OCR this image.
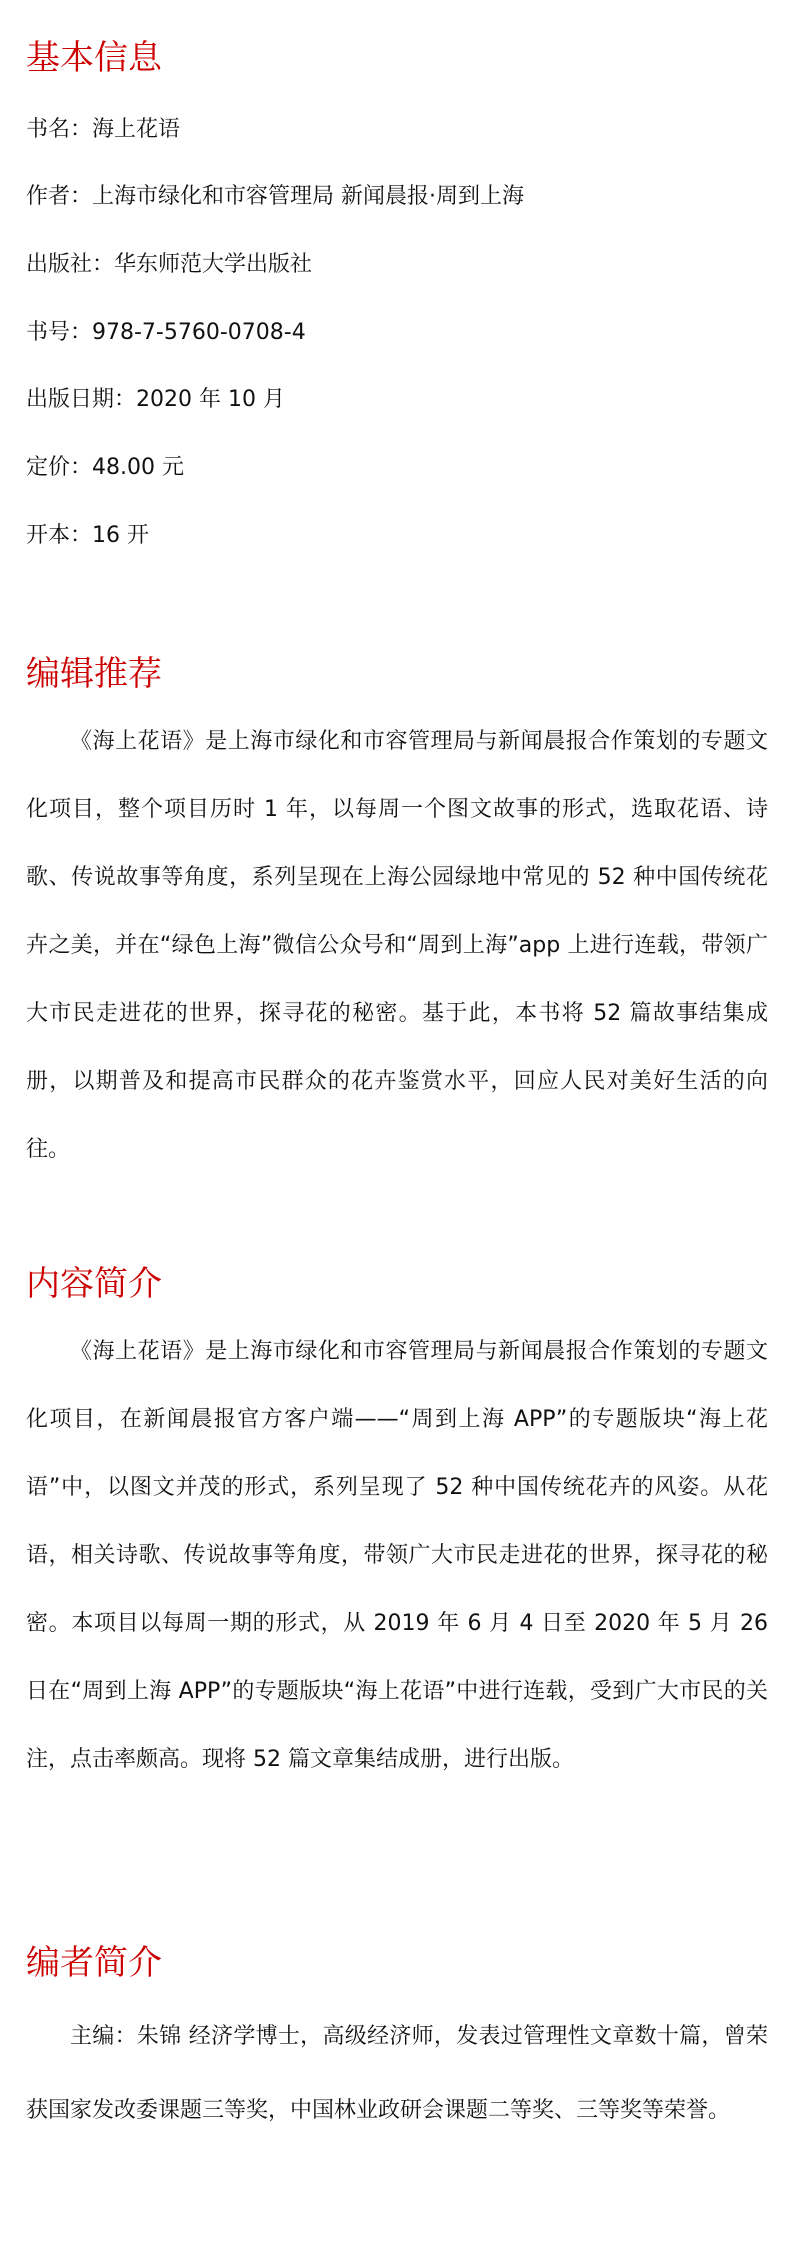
基本信息

书名：海上花语

作者：上海市绿化和市容管理局 新闻晨报·周到上海

出版社：华东师范大学出版社

书号：978-7-5760-0708-4

出版日期：2020 年 10 月

定价：48.00 元

开本：16 开

编辑推荐

《海上花语》是上海市绿化和市容管理局与新闻晨报合作策划的专题文化项目，整个项目历时 1 年，以每周一个图文故事的形式，选取花语、诗歌、传说故事等角度，系列呈现在上海公园绿地中常见的 52 种中国传统花卉之美，并在“绿色上海”微信公众号和“周到上海”app 上进行连载，带领广大市民走进花的世界，探寻花的秘密。基于此，本书将 52 篇故事结集成册，以期普及和提高市民群众的花卉鉴赏水平，回应人民对美好生活的向往。

内容简介

《海上花语》是上海市绿化和市容管理局与新闻晨报合作策划的专题文化项目，在新闻晨报官方客户端——“周到上海 APP”的专题版块“海上花语”中，以图文并茂的形式，系列呈现了 52 种中国传统花卉的风姿。从花语，相关诗歌、传说故事等角度，带领广大市民走进花的世界，探寻花的秘密。本项目以每周一期的形式，从 2019 年 6 月 4 日至 2020 年 5 月 26 日在“周到上海 APP”的专题版块“海上花语”中进行连载，受到广大市民的关注，点击率颇高。现将 52 篇文章集结成册，进行出版。

编者简介

主编：朱锦 经济学博士，高级经济师，发表过管理性文章数十篇，曾荣获国家发改委课题三等奖，中国林业政研会课题二等奖、三等奖等荣誉。
